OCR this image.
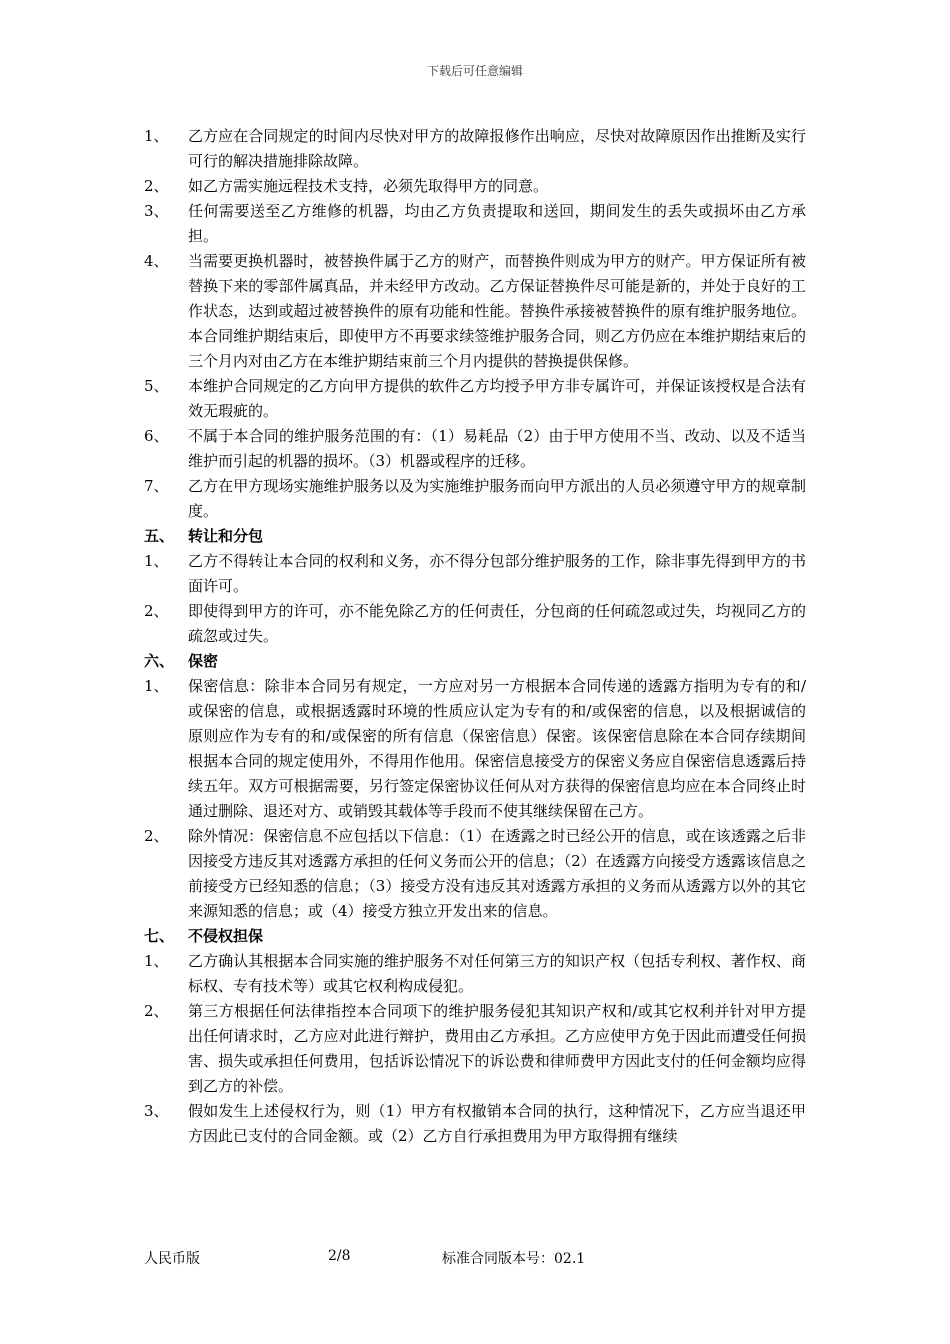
下载后可任意编辑
1、	乙方应在合同规定的时间内尽快对甲方的故障报修作出响应，尽快对故障原因作出推断及实行可行的解决措施排除故障。
2、	如乙方需实施远程技术支持，必须先取得甲方的同意。
3、	任何需要送至乙方维修的机器，均由乙方负责提取和送回，期间发生的丢失或损坏由乙方承担。
4、	当需要更换机器时，被替换件属于乙方的财产，而替换件则成为甲方的财产。甲方保证所有被替换下来的零部件属真品，并未经甲方改动。乙方保证替换件尽可能是新的，并处于良好的工作状态，达到或超过被替换件的原有功能和性能。替换件承接被替换件的原有维护服务地位。本合同维护期结束后，即使甲方不再要求续签维护服务合同，则乙方仍应在本维护期结束后的三个月内对由乙方在本维护期结束前三个月内提供的替换提供保修。
5、	本维护合同规定的乙方向甲方提供的软件乙方均授予甲方非专属许可，并保证该授权是合法有效无瑕疵的。
6、	不属于本合同的维护服务范围的有：（1）易耗品（2）由于甲方使用不当、改动、以及不适当维护而引起的机器的损坏。（3）机器或程序的迁移。
7、	乙方在甲方现场实施维护服务以及为实施维护服务而向甲方派出的人员必须遵守甲方的规章制度。
五、 转让和分包
1、	乙方不得转让本合同的权利和义务，亦不得分包部分维护服务的工作，除非事先得到甲方的书面许可。
2、	即使得到甲方的许可，亦不能免除乙方的任何责任，分包商的任何疏忽或过失，均视同乙方的疏忽或过失。
六、 保密
1、	保密信息：除非本合同另有规定，一方应对另一方根据本合同传递的透露方指明为专有的和/或保密的信息，或根据透露时环境的性质应认定为专有的和/或保密的信息，以及根据诚信的原则应作为专有的和/或保密的所有信息（保密信息）保密。该保密信息除在本合同存续期间根据本合同的规定使用外，不得用作他用。保密信息接受方的保密义务应自保密信息透露后持续五年。双方可根据需要，另行签定保密协议任何从对方获得的保密信息均应在本合同终止时通过删除、退还对方、或销毁其载体等手段而不使其继续保留在己方。
2、	除外情况：保密信息不应包括以下信息：（1）在透露之时已经公开的信息，或在该透露之后非因接受方违反其对透露方承担的任何义务而公开的信息；（2）在透露方向接受方透露该信息之前接受方已经知悉的信息；（3）接受方没有违反其对透露方承担的义务而从透露方以外的其它来源知悉的信息；或（4）接受方独立开发出来的信息。
七、 不侵权担保
1、	乙方确认其根据本合同实施的维护服务不对任何第三方的知识产权（包括专利权、著作权、商标权、专有技术等）或其它权利构成侵犯。
2、	第三方根据任何法律指控本合同项下的维护服务侵犯其知识产权和/或其它权利并针对甲方提出任何请求时，乙方应对此进行辩护，费用由乙方承担。乙方应使甲方免于因此而遭受任何损害、损失或承担任何费用，包括诉讼情况下的诉讼费和律师费甲方因此支付的任何金额均应得到乙方的补偿。
3、	假如发生上述侵权行为，则（1）甲方有权撤销本合同的执行，这种情况下，乙方应当退还甲方因此已支付的合同金额。或（2）乙方自行承担费用为甲方取得拥有继续
人民币版	2/8	标准合同版本号：02.1
